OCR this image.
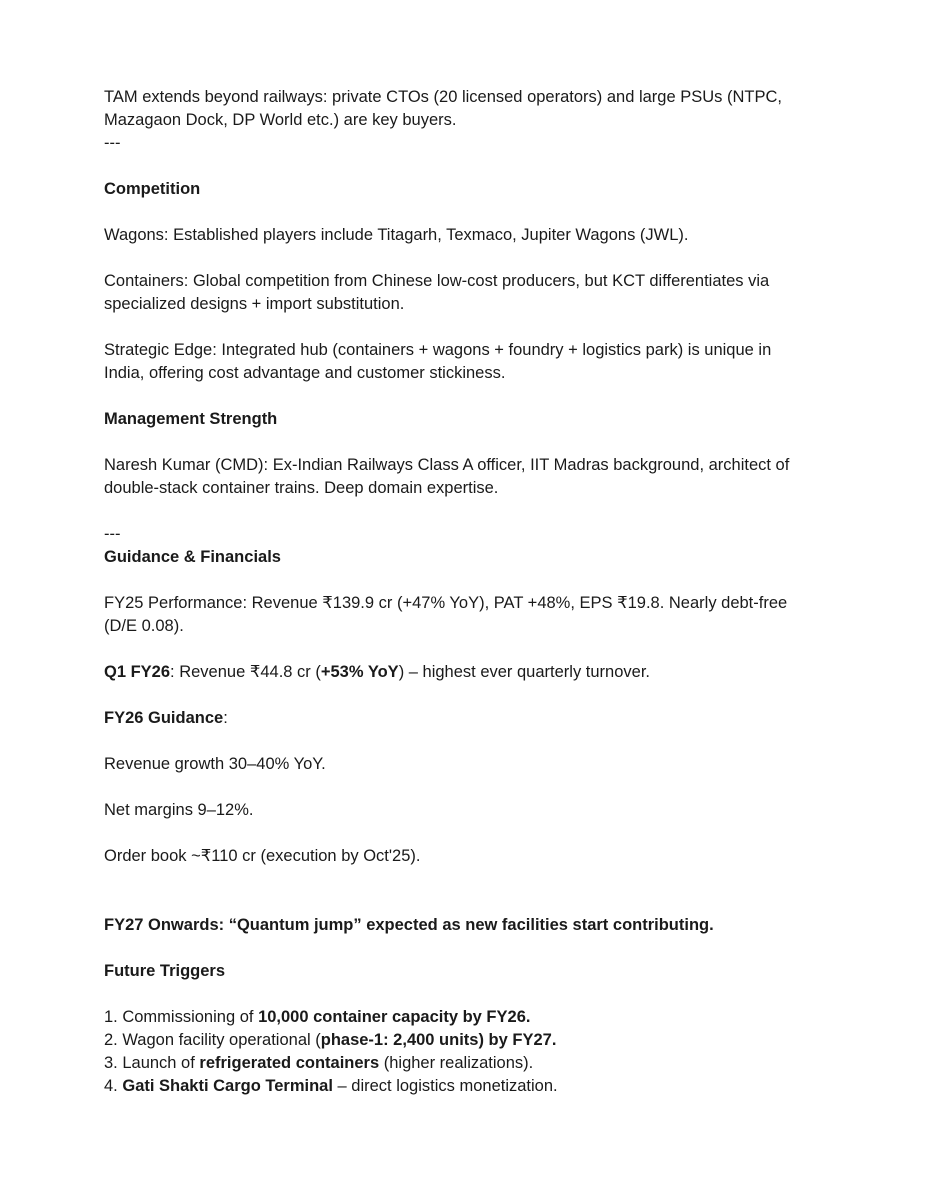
TAM extends beyond railways: private CTOs (20 licensed operators) and large PSUs (NTPC,

Mazagaon Dock, DP World etc.) are key buyers.

---

Competition

Wagons: Established players include Titagarh, Texmaco, Jupiter Wagons (JWL).

Containers: Global competition from Chinese low-cost producers, but KCT differentiates via

specialized designs + import substitution.

Strategic Edge: Integrated hub (containers + wagons + foundry + logistics park) is unique in

India, offering cost advantage and customer stickiness.

Management Strength

Naresh Kumar (CMD): Ex-Indian Railways Class A officer, IIT Madras background, architect of

double-stack container trains. Deep domain expertise.

---

Guidance & Financials

FY25 Performance: Revenue ₹139.9 cr (+47% YoY), PAT +48%, EPS ₹19.8. Nearly debt-free

(D/E 0.08).

Q1 FY26: Revenue ₹44.8 cr (+53% YoY) – highest ever quarterly turnover.

FY26 Guidance:

Revenue growth 30–40% YoY.

Net margins 9–12%.

Order book ~₹110 cr (execution by Oct'25).

FY27 Onwards: “Quantum jump” expected as new facilities start contributing.

Future Triggers

1. Commissioning of 10,000 container capacity by FY26.

2. Wagon facility operational (phase-1: 2,400 units) by FY27.

3. Launch of refrigerated containers (higher realizations).

4. Gati Shakti Cargo Terminal – direct logistics monetization.
